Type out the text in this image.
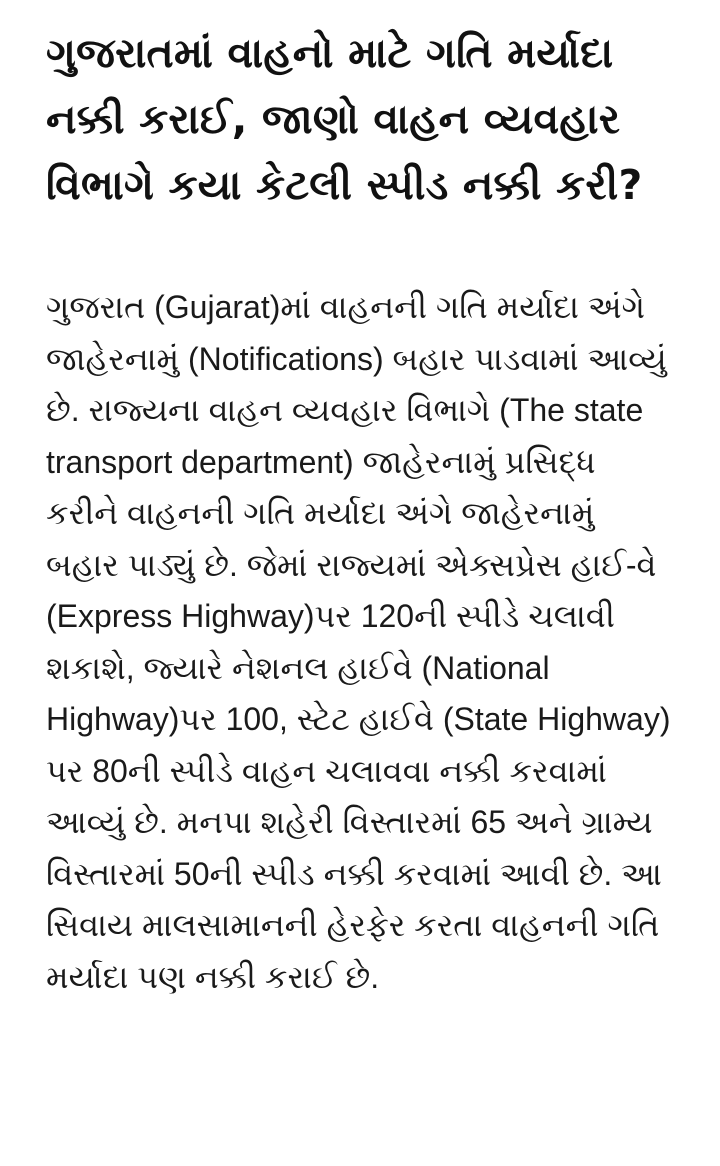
ગુજરાતમાં વાહનો માટે ગતિ મર્યાદા નક્કી કરાઈ, જાણો વાહન વ્યવહાર વિભાગે કયા કેટલી સ્પીડ નક્કી કરી?

ગુજરાત (Gujarat)માં વાહનની ગતિ મર્યાદા અંગે જાહેરનામું (Notifications) બહાર પાડવામાં આવ્યું છે. રાજ્યના વાહન વ્યવહાર વિભાગે (The state transport department) જાહેરનામું પ્રસિદ્ધ કરીને વાહનની ગતિ મર્યાદા અંગે જાહેરનામું બહાર પાડ્યું છે. જેમાં રાજ્યમાં એક્સપ્રેસ હાઈ-વે (Express Highway)પર 120ની સ્પીડે ચલાવી શકાશે, જ્યારે નેશનલ હાઈવે (National Highway)પર 100, સ્ટેટ હાઈવે (State Highway) પર 80ની સ્પીડે વાહન ચલાવવા નક્કી કરવામાં આવ્યું છે. મનપા શહેરી વિસ્તારમાં 65 અને ગ્રામ્ય વિસ્તારમાં 50ની સ્પીડ નક્કી કરવામાં આવી છે. આ સિવાય માલસામાનની હેરફેર કરતા વાહનની ગતિ મર્યાદા પણ નક્કી કરાઈ છે.
